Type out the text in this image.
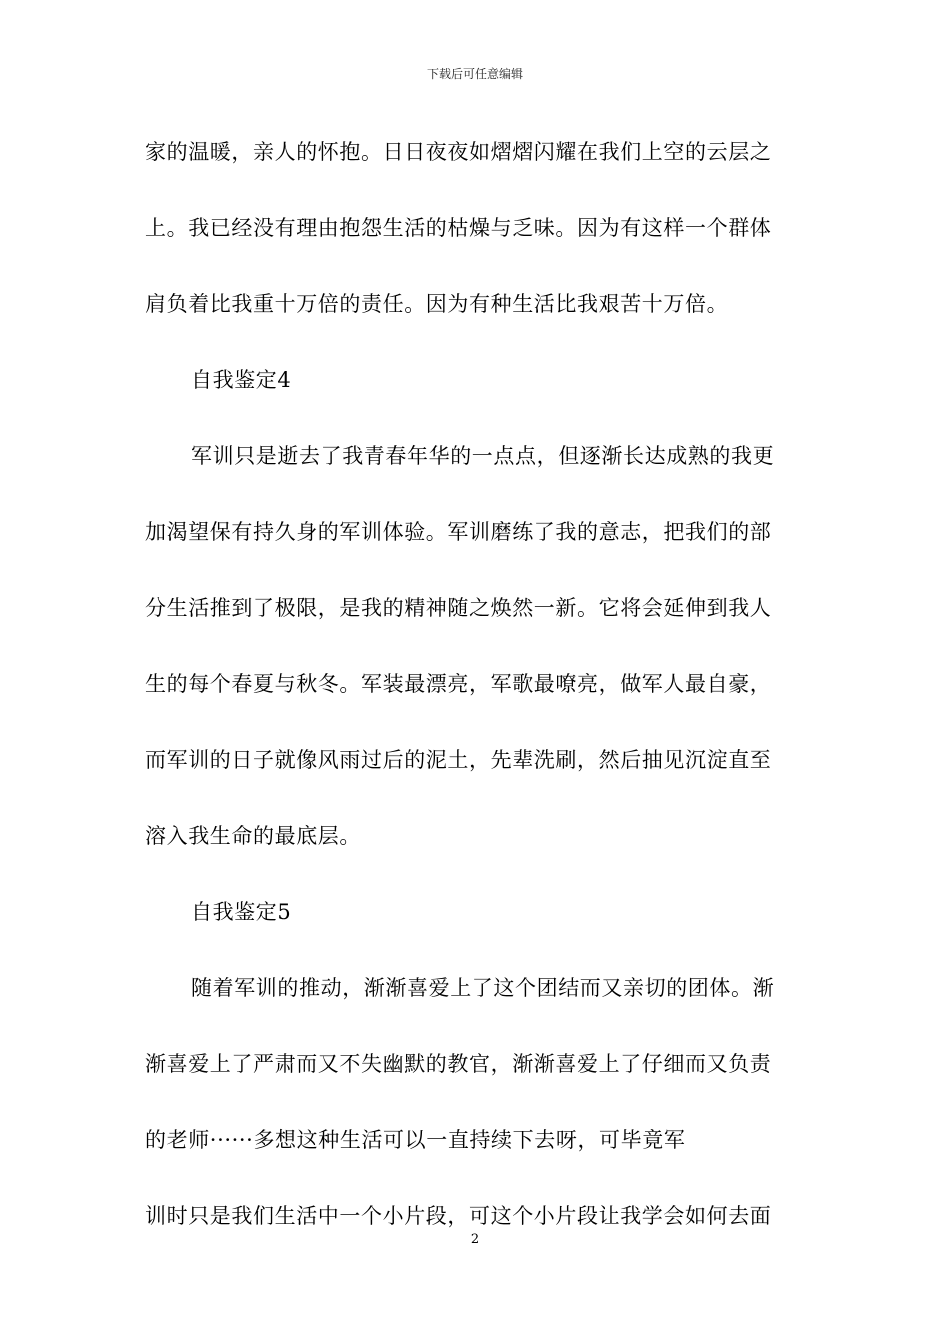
下载后可任意编辑
家的温暖，亲人的怀抱。日日夜夜如熠熠闪耀在我们上空的云层之
上。我已经没有理由抱怨生活的枯燥与乏味。因为有这样一个群体
肩负着比我重十万倍的责任。因为有种生活比我艰苦十万倍。
自我鉴定4
军训只是逝去了我青春年华的一点点，但逐渐长达成熟的我更
加渴望保有持久身的军训体验。军训磨练了我的意志，把我们的部
分生活推到了极限，是我的精神随之焕然一新。它将会延伸到我人
生的每个春夏与秋冬。军装最漂亮，军歌最嘹亮，做军人最自豪，
而军训的日子就像风雨过后的泥土，先辈洗刷，然后抽见沉淀直至
溶入我生命的最底层。
自我鉴定5
随着军训的推动，渐渐喜爱上了这个团结而又亲切的团体。渐
渐喜爱上了严肃而又不失幽默的教官，渐渐喜爱上了仔细而又负责
的老师······多想这种生活可以一直持续下去呀，可毕竟军
训时只是我们生活中一个小片段，可这个小片段让我学会如何去面
2
